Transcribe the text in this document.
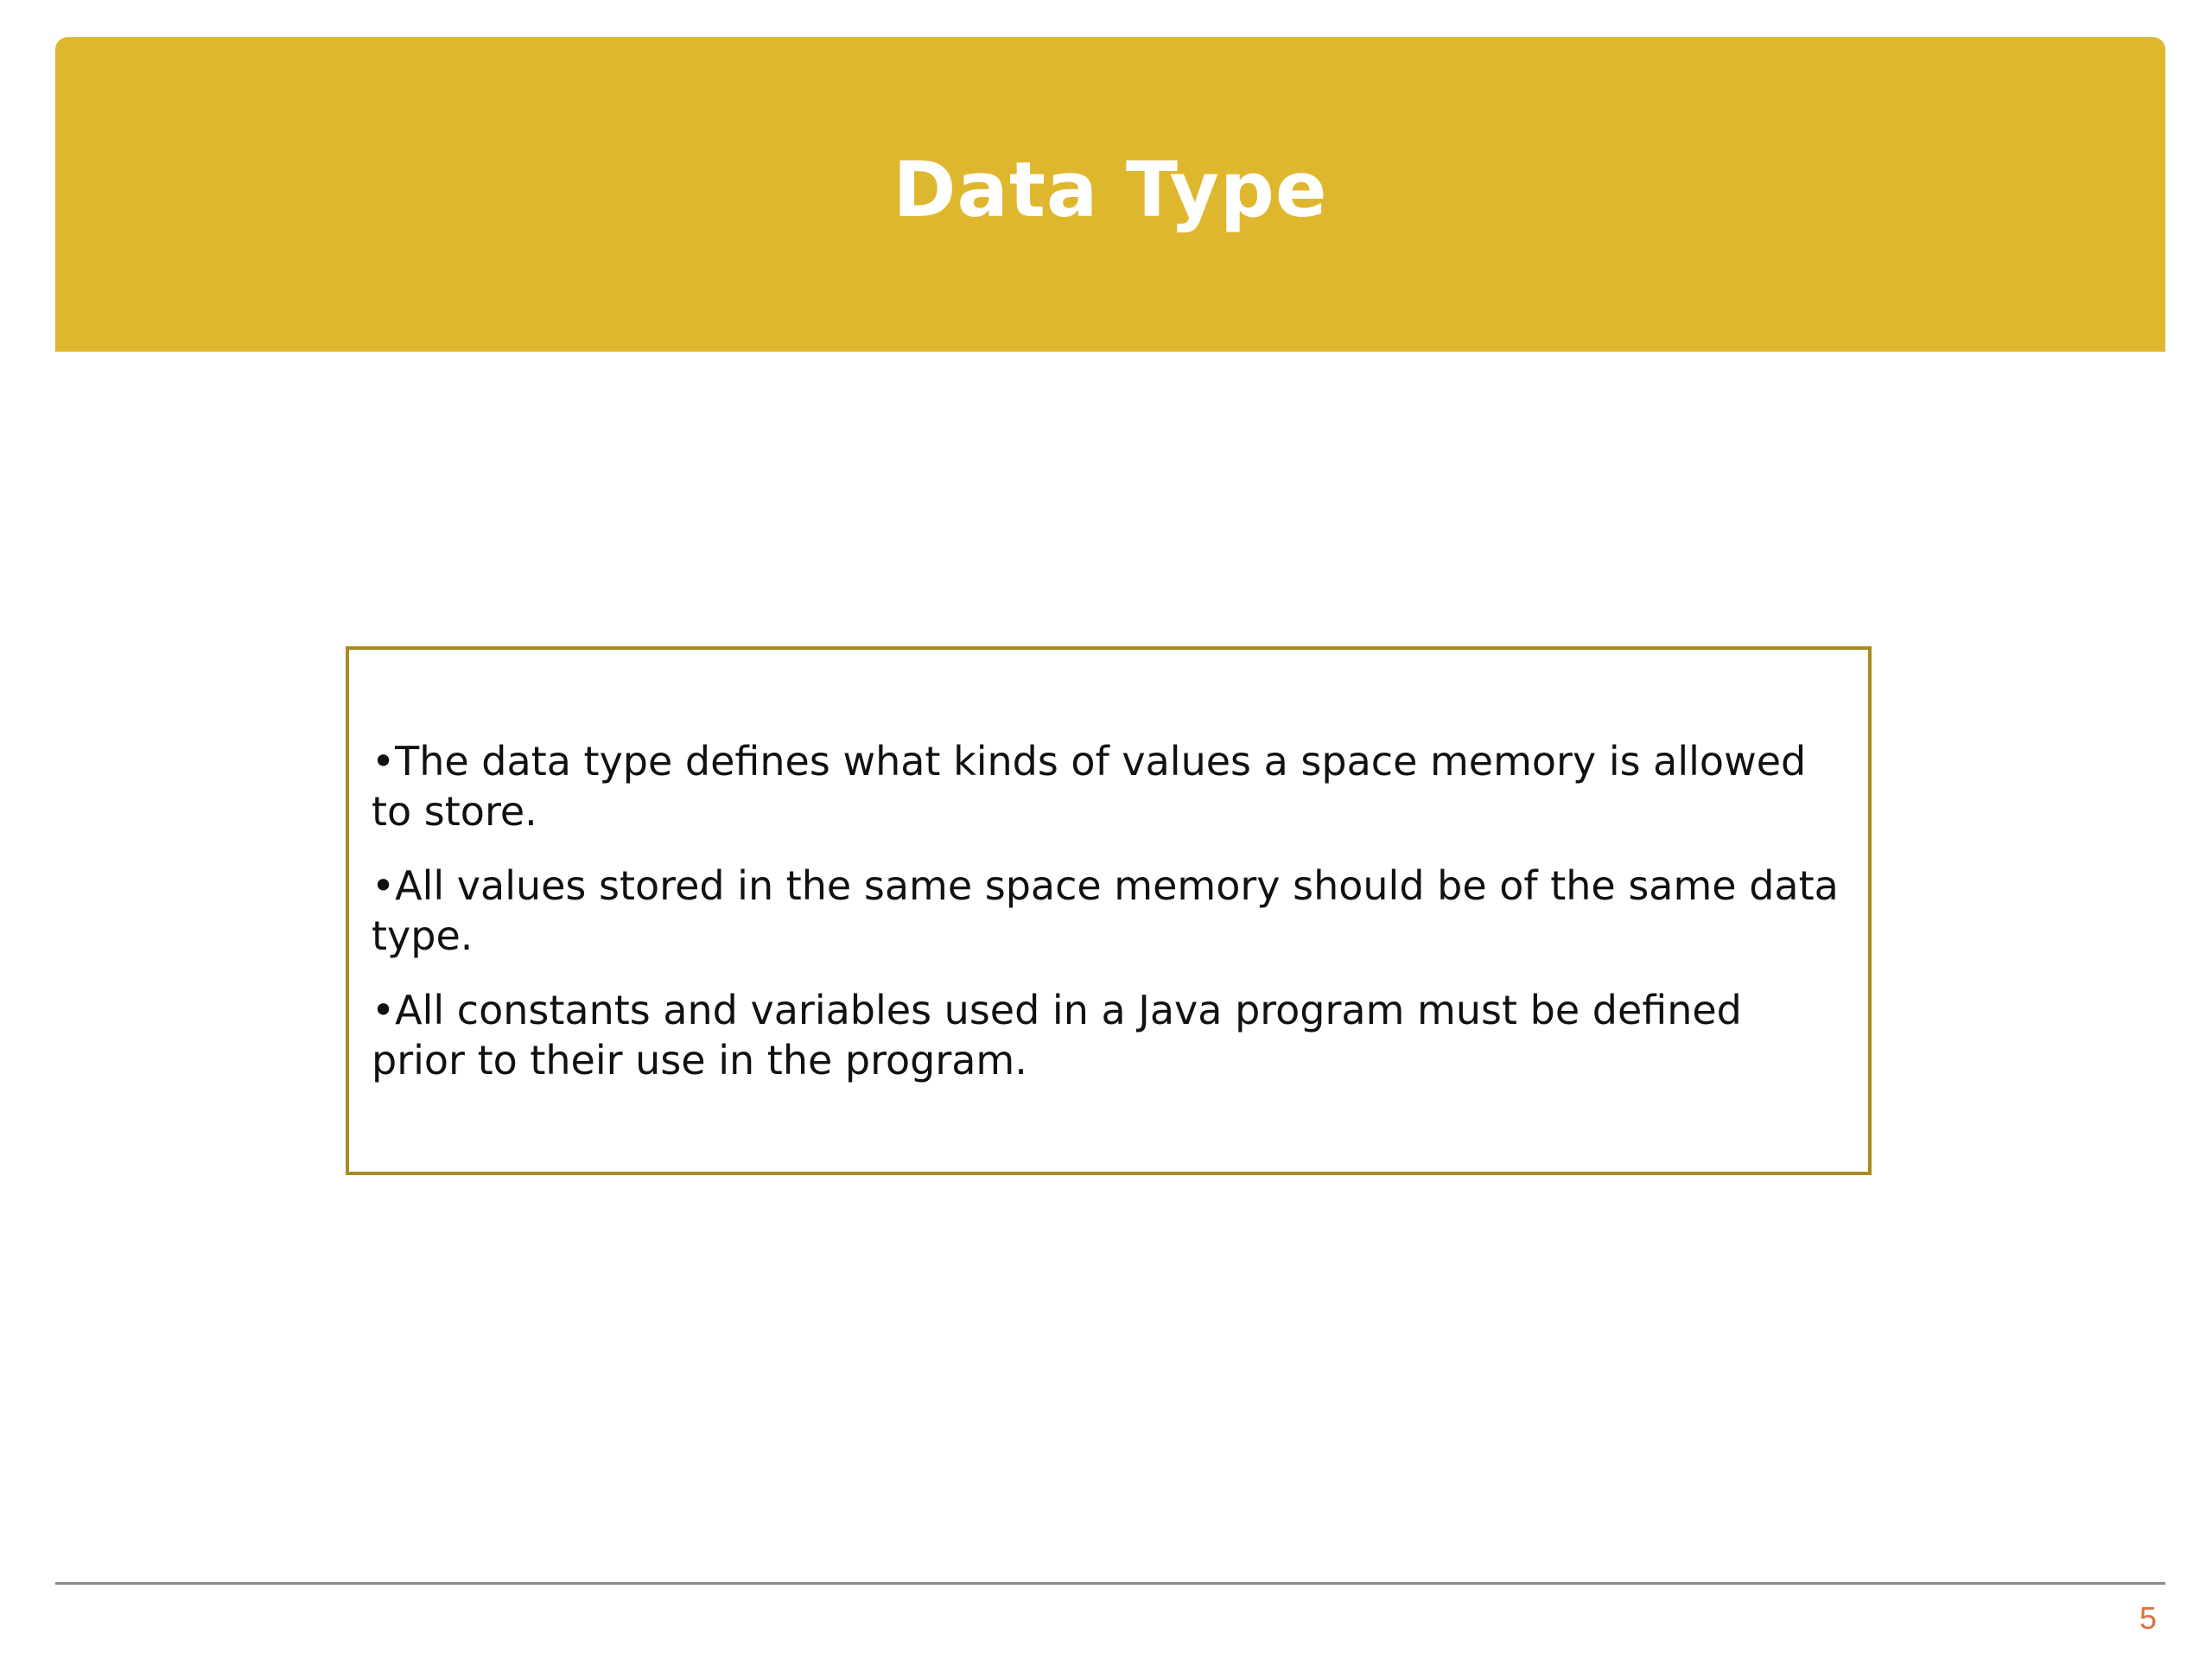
Data Type
•The data type defines what kinds of values a space memory is allowed to store.
•All values stored in the same space memory should be of the same data type.
•All constants and variables used in a Java program must be defined prior to their use in the program.
5
